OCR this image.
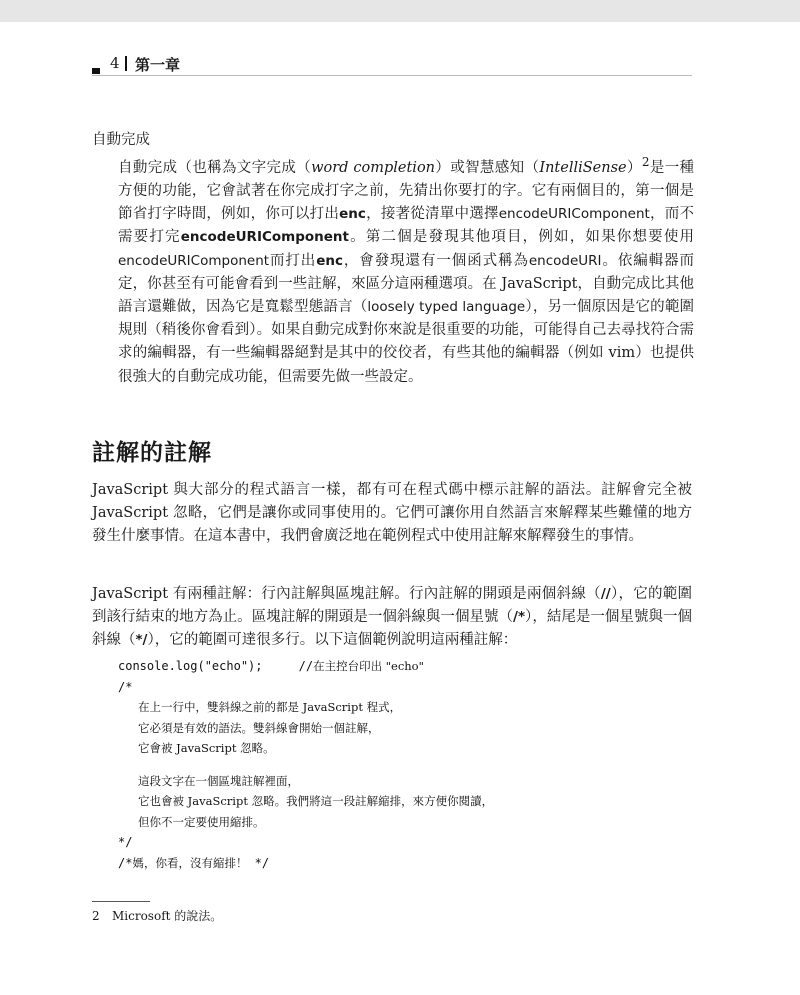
4 第一章
自動完成

自動完成（也稱為文字完成（word completion）或智慧感知（IntelliSense）$^2$是一種方便的功能，它會試著在你完成打字之前，先猜出你要打的字。它有兩個目的，第一個是節省打字時間，例如，你可以打出enc，接著從清單中選擇encodeURIComponent，而不需要打完encodeURIComponent。第二個是發現其他項目，例如，如果你想要使用encodeURIComponent而打出enc，會發現還有一個函式稱為encodeURI。依編輯器而定，你甚至有可能會看到一些註解，來區分這兩種選項。在 JavaScript，自動完成比其他語言還難做，因為它是寬鬆型態語言（loosely typed language），另一個原因是它的範圍規則（稍後你會看到）。如果自動完成對你來說是很重要的功能，可能得自己去尋找符合需求的編輯器，有一些編輯器絕對是其中的佼佼者，有些其他的編輯器（例如 vim）也提供很強大的自動完成功能，但需要先做一些設定。

註解的註解

JavaScript 與大部分的程式語言一樣，都有可在程式碼中標示註解的語法。註解會完全被 JavaScript 忽略，它們是讓你或同事使用的。它們可讓你用自然語言來解釋某些難懂的地方發生什麼事情。在這本書中，我們會廣泛地在範例程式中使用註解來解釋發生的事情。

JavaScript 有兩種註解：行內註解與區塊註解。行內註解的開頭是兩個斜線（//），它的範圍到該行結束的地方為止。區塊註解的開頭是一個斜線與一個星號（/*），結尾是一個星號與一個斜線（*/），它的範圍可達很多行。以下這個範例說明這兩種註解：

console.log("echo");     //在主控台印出 "echo"
/*
在上一行中，雙斜線之前的都是 JavaScript 程式，
它必須是有效的語法。雙斜線會開始一個註解，
它會被 JavaScript 忽略。
這段文字在一個區塊註解裡面，
它也會被 JavaScript 忽略。我們將這一段註解縮排，來方便你閱讀，
但你不一定要使用縮排。
*/
/*媽，你看，沒有縮排！ */
2 Microsoft 的說法。
